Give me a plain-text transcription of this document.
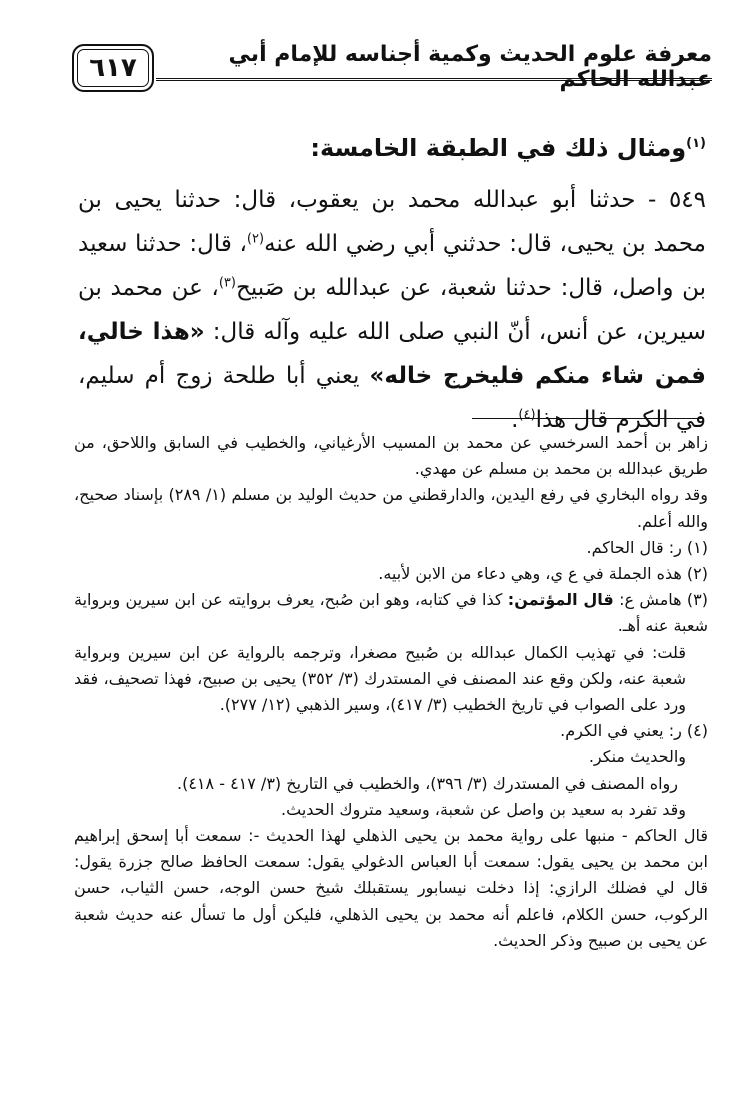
٦١٧	معرفة علوم الحديث وكمية أجناسه للإمام أبي عبدالله الحاكم
$^{(١)}$ومثال ذلك في الطبقة الخامسة:

٥٤٩ - حدثنا أبو عبدالله محمد بن يعقوب، قال: حدثنا يحيى بن محمد بن يحيى، قال: حدثني أبي رضي الله عنه$^{(٢)}$، قال: حدثنا سعيد بن واصل، قال: حدثنا شعبة، عن عبدالله بن صَبيح$^{(٣)}$، عن محمد بن سيرين، عن أنس، أنّ النبي صلى الله عليه وآله قال: «هذا خالي، فمن شاء منكم فليخرج خاله» يعني أبا طلحة زوج أم سليم، في الكرم قال هذا$^{(٤)}$.

زاهر بن أحمد السرخسي عن محمد بن المسيب الأرغياني، والخطيب في السابق واللاحق، من طريق عبدالله بن محمد بن مسلم عن مهدي.

وقد رواه البخاري في رفع اليدين، والدارقطني من حديث الوليد بن مسلم (١/ ٢٨٩) بإسناد صحيح، والله أعلم.

(١) ر: قال الحاكم.

(٢) هذه الجملة في ع ي، وهي دعاء من الابن لأبيه.

(٣) هامش ع: قال المؤتمن: كذا في كتابه، وهو ابن صُبح، يعرف بروايته عن ابن سيرين وبرواية شعبة عنه أهـ.

قلت: في تهذيب الكمال عبدالله بن صُبيح مصغرا، وترجمه بالرواية عن ابن سيرين وبرواية شعبة عنه، ولكن وقع عند المصنف في المستدرك (٣/ ٣٥٢) يحيى بن صبيح، فهذا تصحيف، فقد ورد على الصواب في تاريخ الخطيب (٣/ ٤١٧)، وسير الذهبي (١٢/ ٢٧٧).

(٤) ر: يعني في الكرم.

والحديث منكر.

رواه المصنف في المستدرك (٣/ ٣٩٦)، والخطيب في التاريخ (٣/ ٤١٧ - ٤١٨).

وقد تفرد به سعيد بن واصل عن شعبة، وسعيد متروك الحديث.

قال الحاكم - منبها على رواية محمد بن يحيى الذهلي لهذا الحديث -: سمعت أبا إسحق إبراهيم ابن محمد بن يحيى يقول: سمعت أبا العباس الدغولي يقول: سمعت الحافظ صالح جزرة يقول: قال لي فضلك الرازي: إذا دخلت نيسابور يستقبلك شيخ حسن الوجه، حسن الثياب، حسن الركوب، حسن الكلام، فاعلم أنه محمد بن يحيى الذهلي، فليكن أول ما تسأل عنه حديث شعبة عن يحيى بن صبيح وذكر الحديث.
